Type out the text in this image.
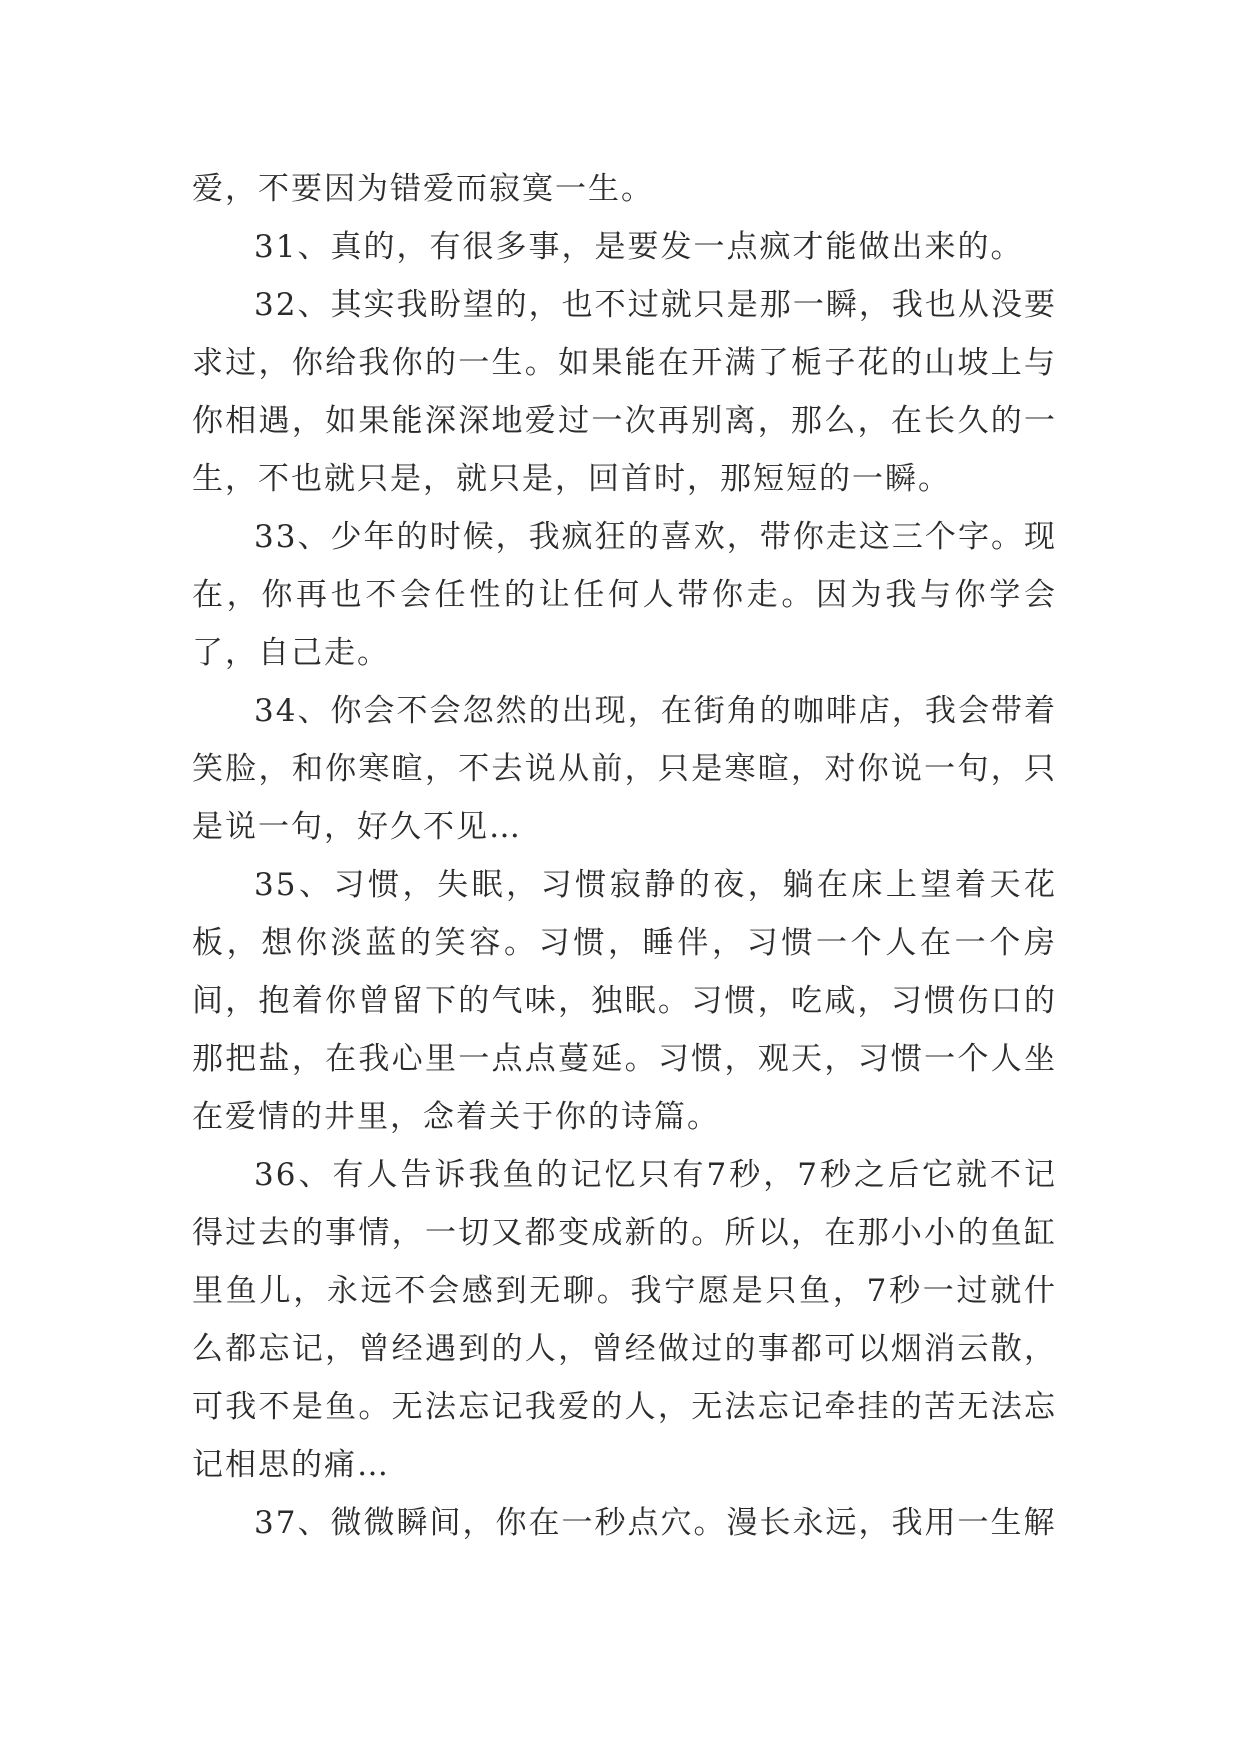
爱，不要因为错爱而寂寞一生。

31、真的，有很多事，是要发一点疯才能做出来的。

32、其实我盼望的，也不过就只是那一瞬，我也从没要求过，你给我你的一生。如果能在开满了栀子花的山坡上与你相遇，如果能深深地爱过一次再别离，那么，在长久的一生，不也就只是，就只是，回首时，那短短的一瞬。

33、少年的时候，我疯狂的喜欢，带你走这三个字。现在，你再也不会任性的让任何人带你走。因为我与你学会了，自己走。

34、你会不会忽然的出现，在街角的咖啡店，我会带着笑脸，和你寒暄，不去说从前，只是寒暄，对你说一句，只是说一句，好久不见…

35、习惯，失眠，习惯寂静的夜，躺在床上望着天花板，想你淡蓝的笑容。习惯，睡伴，习惯一个人在一个房间，抱着你曾留下的气味，独眠。习惯，吃咸，习惯伤口的那把盐，在我心里一点点蔓延。习惯，观天，习惯一个人坐在爱情的井里，念着关于你的诗篇。

36、有人告诉我鱼的记忆只有7秒，7秒之后它就不记得过去的事情，一切又都变成新的。所以，在那小小的鱼缸里鱼儿，永远不会感到无聊。我宁愿是只鱼，7秒一过就什么都忘记，曾经遇到的人，曾经做过的事都可以烟消云散，可我不是鱼。无法忘记我爱的人，无法忘记牵挂的苦无法忘记相思的痛…

37、微微瞬间，你在一秒点穴。漫长永远，我用一生解
